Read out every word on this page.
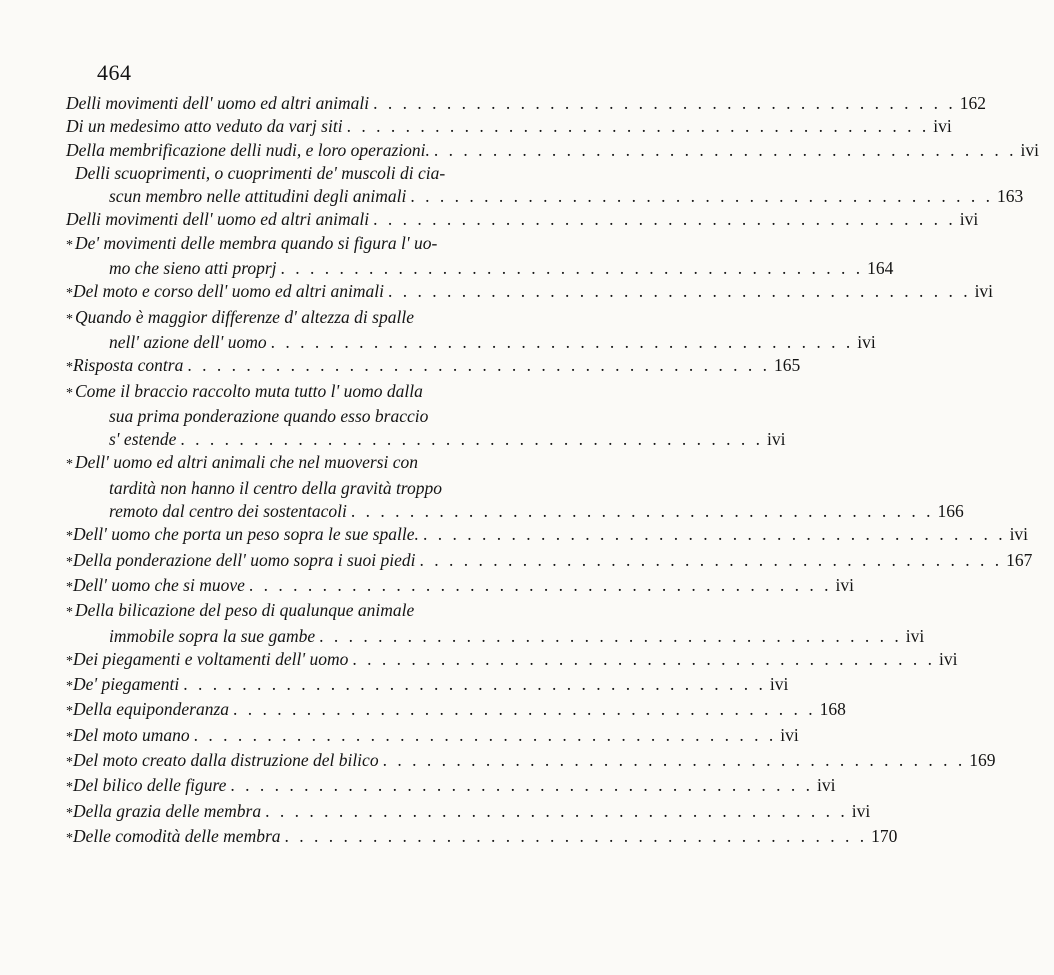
464
Delli movimenti dell' uomo ed altri animali . . . . . . . . . . . . . . . . . . . . . . . . . . . . . . . . . . . . . . . . 162
Di un medesimo atto veduto da varj siti . . . . . . . . . . . . . . . . . . . . . . . . . . . . . . . . . . . . . . . . ivi
Della membrificazione delli nudi, e loro operazioni. . . . . . . . . . . . . . . . . . . . . . . . . . . . . . . . . . . . . . . . . ivi
Delli scuoprimenti, o cuoprimenti de' muscoli di cia-
scun membro nelle attitudini degli animali . . . . . . . . . . . . . . . . . . . . . . . . . . . . . . . . . . . . . . . . 163
Delli movimenti dell' uomo ed altri animali . . . . . . . . . . . . . . . . . . . . . . . . . . . . . . . . . . . . . . . . ivi
* De' movimenti delle membra quando si figura l' uo-
mo che sieno atti proprj . . . . . . . . . . . . . . . . . . . . . . . . . . . . . . . . . . . . . . . . 164
* Del moto e corso dell' uomo ed altri animali . . . . . . . . . . . . . . . . . . . . . . . . . . . . . . . . . . . . . . . . ivi
* Quando è maggior differenze d' altezza di spalle
nell' azione dell' uomo . . . . . . . . . . . . . . . . . . . . . . . . . . . . . . . . . . . . . . . . ivi
* Risposta contra . . . . . . . . . . . . . . . . . . . . . . . . . . . . . . . . . . . . . . . . 165
* Come il braccio raccolto muta tutto l' uomo dalla
sua prima ponderazione quando esso braccio
s' estende . . . . . . . . . . . . . . . . . . . . . . . . . . . . . . . . . . . . . . . . ivi
* Dell' uomo ed altri animali che nel muoversi con
tardità non hanno il centro della gravità troppo
remoto dal centro dei sostentacoli . . . . . . . . . . . . . . . . . . . . . . . . . . . . . . . . . . . . . . . . 166
* Dell' uomo che porta un peso sopra le sue spalle. . . . . . . . . . . . . . . . . . . . . . . . . . . . . . . . . . . . . . . . . ivi
* Della ponderazione dell' uomo sopra i suoi piedi . . . . . . . . . . . . . . . . . . . . . . . . . . . . . . . . . . . . . . . . 167
* Dell' uomo che si muove . . . . . . . . . . . . . . . . . . . . . . . . . . . . . . . . . . . . . . . . ivi
* Della bilicazione del peso di qualunque animale
immobile sopra la sue gambe . . . . . . . . . . . . . . . . . . . . . . . . . . . . . . . . . . . . . . . . ivi
* Dei piegamenti e voltamenti dell' uomo . . . . . . . . . . . . . . . . . . . . . . . . . . . . . . . . . . . . . . . . ivi
* De' piegamenti . . . . . . . . . . . . . . . . . . . . . . . . . . . . . . . . . . . . . . . . ivi
* Della equiponderanza . . . . . . . . . . . . . . . . . . . . . . . . . . . . . . . . . . . . . . . . 168
* Del moto umano . . . . . . . . . . . . . . . . . . . . . . . . . . . . . . . . . . . . . . . . ivi
* Del moto creato dalla distruzione del bilico . . . . . . . . . . . . . . . . . . . . . . . . . . . . . . . . . . . . . . . . 169
* Del bilico delle figure . . . . . . . . . . . . . . . . . . . . . . . . . . . . . . . . . . . . . . . . ivi
* Della grazia delle membra . . . . . . . . . . . . . . . . . . . . . . . . . . . . . . . . . . . . . . . . ivi
* Delle comodità delle membra . . . . . . . . . . . . . . . . . . . . . . . . . . . . . . . . . . . . . . . . 170
